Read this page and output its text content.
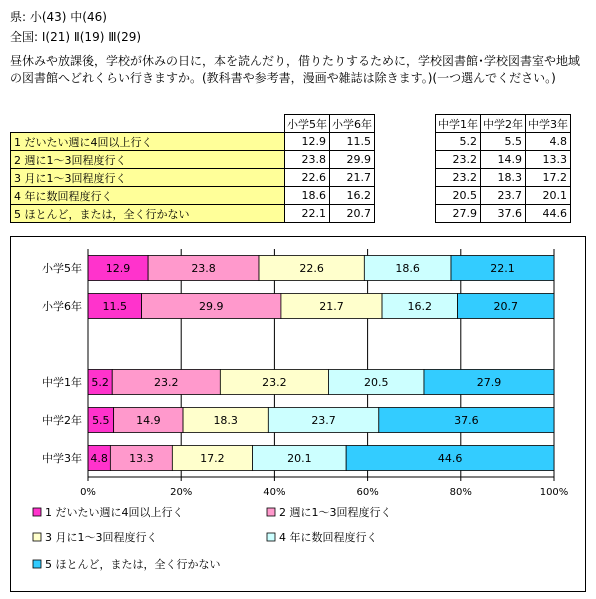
県: 小(43) 中(46)
全国: Ⅰ(21) Ⅱ(19) Ⅲ(29)
昼休みや放課後，学校が休みの日に，本を読んだり，借りたりするために，学校図書館･学校図書室や地域の図書館へどれくらい行きますか。(教科書や参考書，漫画や雑誌は除きます。)(一つ選んでください。)
	小学5年	小学6年
1 だいたい週に4回以上行く	12.9	11.5
2 週に1～3回程度行く	23.8	29.9
3 月に1～3回程度行く	22.6	21.7
4 年に数回程度行く	18.6	16.2
5 ほとんど，または，全く行かない	22.1	20.7
中学1年	中学2年	中学3年
5.2	5.5	4.8
23.2	14.9	13.3
23.2	18.3	17.2
20.5	23.7	20.1
27.9	37.6	44.6
小学5年 12.9	23.8	22.6	18.6	22.1
小学6年 11.5	29.9	21.7	16.2	20.7
中学1年 5.2	23.2	23.2	20.5	27.9
中学2年 5.5 14.9	18.3	23.7	37.6
中学3年 4.8 13.3	17.2	20.1	44.6
0%	20%	40%	60%	80%	100%
1 だいたい週に4回以上行く	2 週に1～3回程度行く
3 月に1～3回程度行く	4 年に数回程度行く
5 ほとんど，または，全く行かない
